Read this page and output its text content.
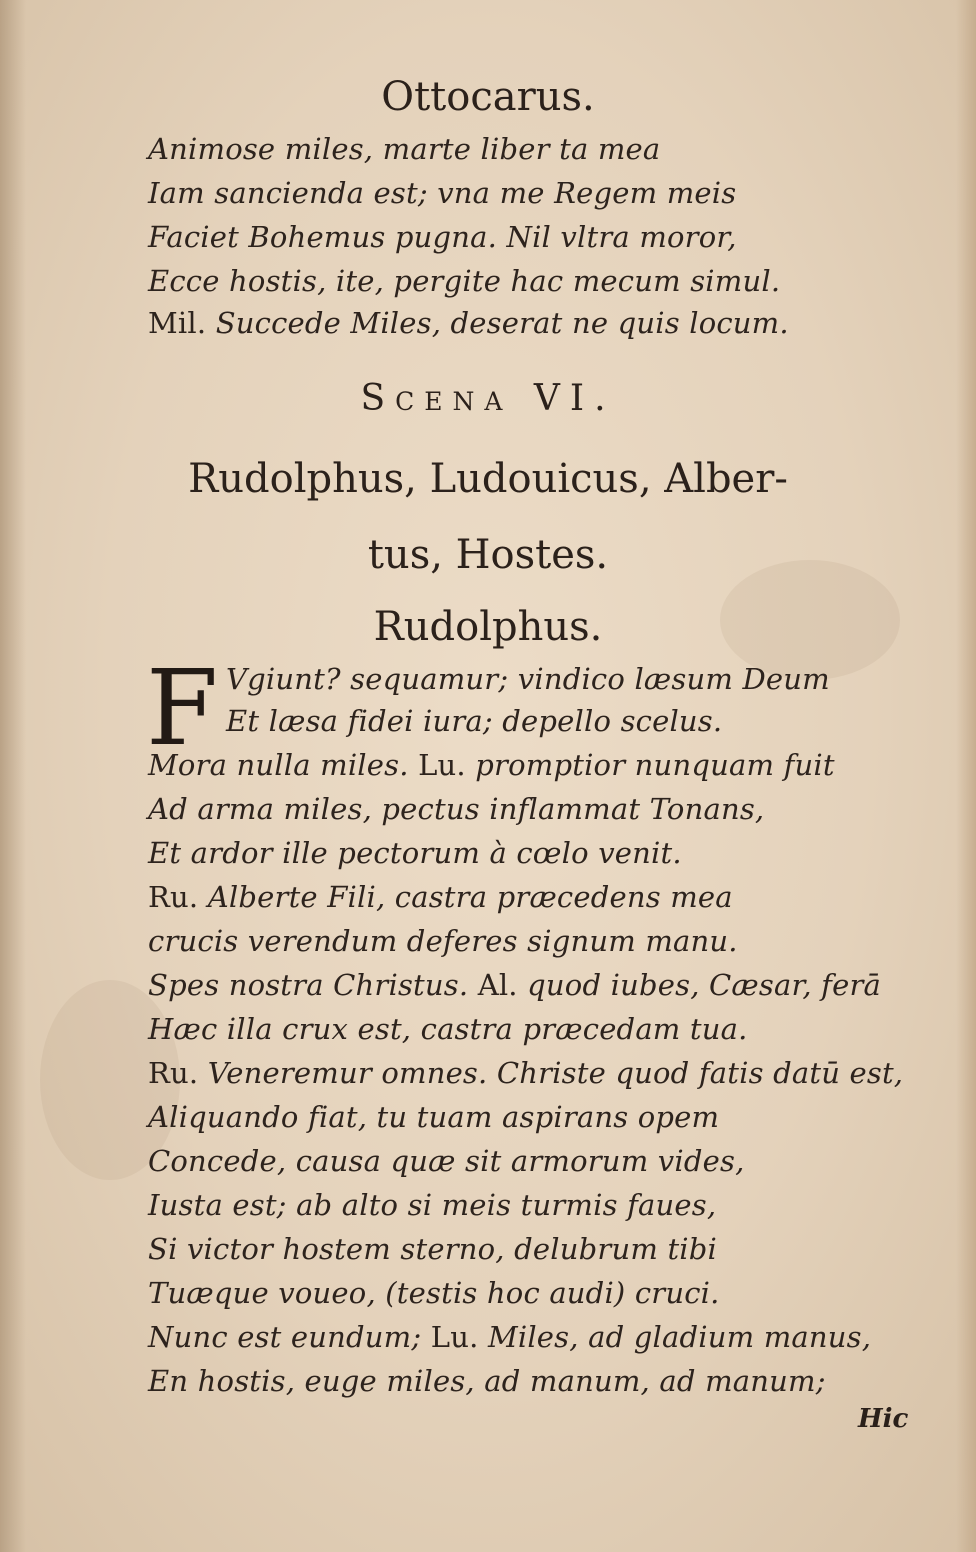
Ottocarus.
Animose miles, marte liber ta mea
Iam sancienda est; vna me Regem meis
Faciet Bohemus pugna. Nil vltra moror,
Ecce hostis, ite, pergite hac mecum simul.
Mil. Succede Miles, deserat ne quis locum.
Scena VI.
Rudolphus, Ludouicus, Alber-
tus, Hostes.
Rudolphus.
F Vgiunt? sequamur; vindico læsum Deum
Et læsa fidei iura; depello scelus.
Mora nulla miles. Lu. promptior nunquam fuit
Ad arma miles, pectus inflammat Tonans,
Et ardor ille pectorum à cœlo venit.
Ru. Alberte Fili, castra præcedens mea
crucis verendum deferes signum manu.
Spes nostra Christus. Al. quod iubes, Cæsar, ferā
Hæc illa crux est, castra præcedam tua.
Ru. Veneremur omnes. Christe quod fatis datū est,
Aliquando fiat, tu tuam aspirans opem
Concede, causa quæ sit armorum vides,
Iusta est; ab alto si meis turmis faues,
Si victor hostem sterno, delubrum tibi
Tuæque voueo, (testis hoc audi) cruci.
Nunc est eundum; Lu. Miles, ad gladium manus,
En hostis, euge miles, ad manum, ad manum;
Hic
